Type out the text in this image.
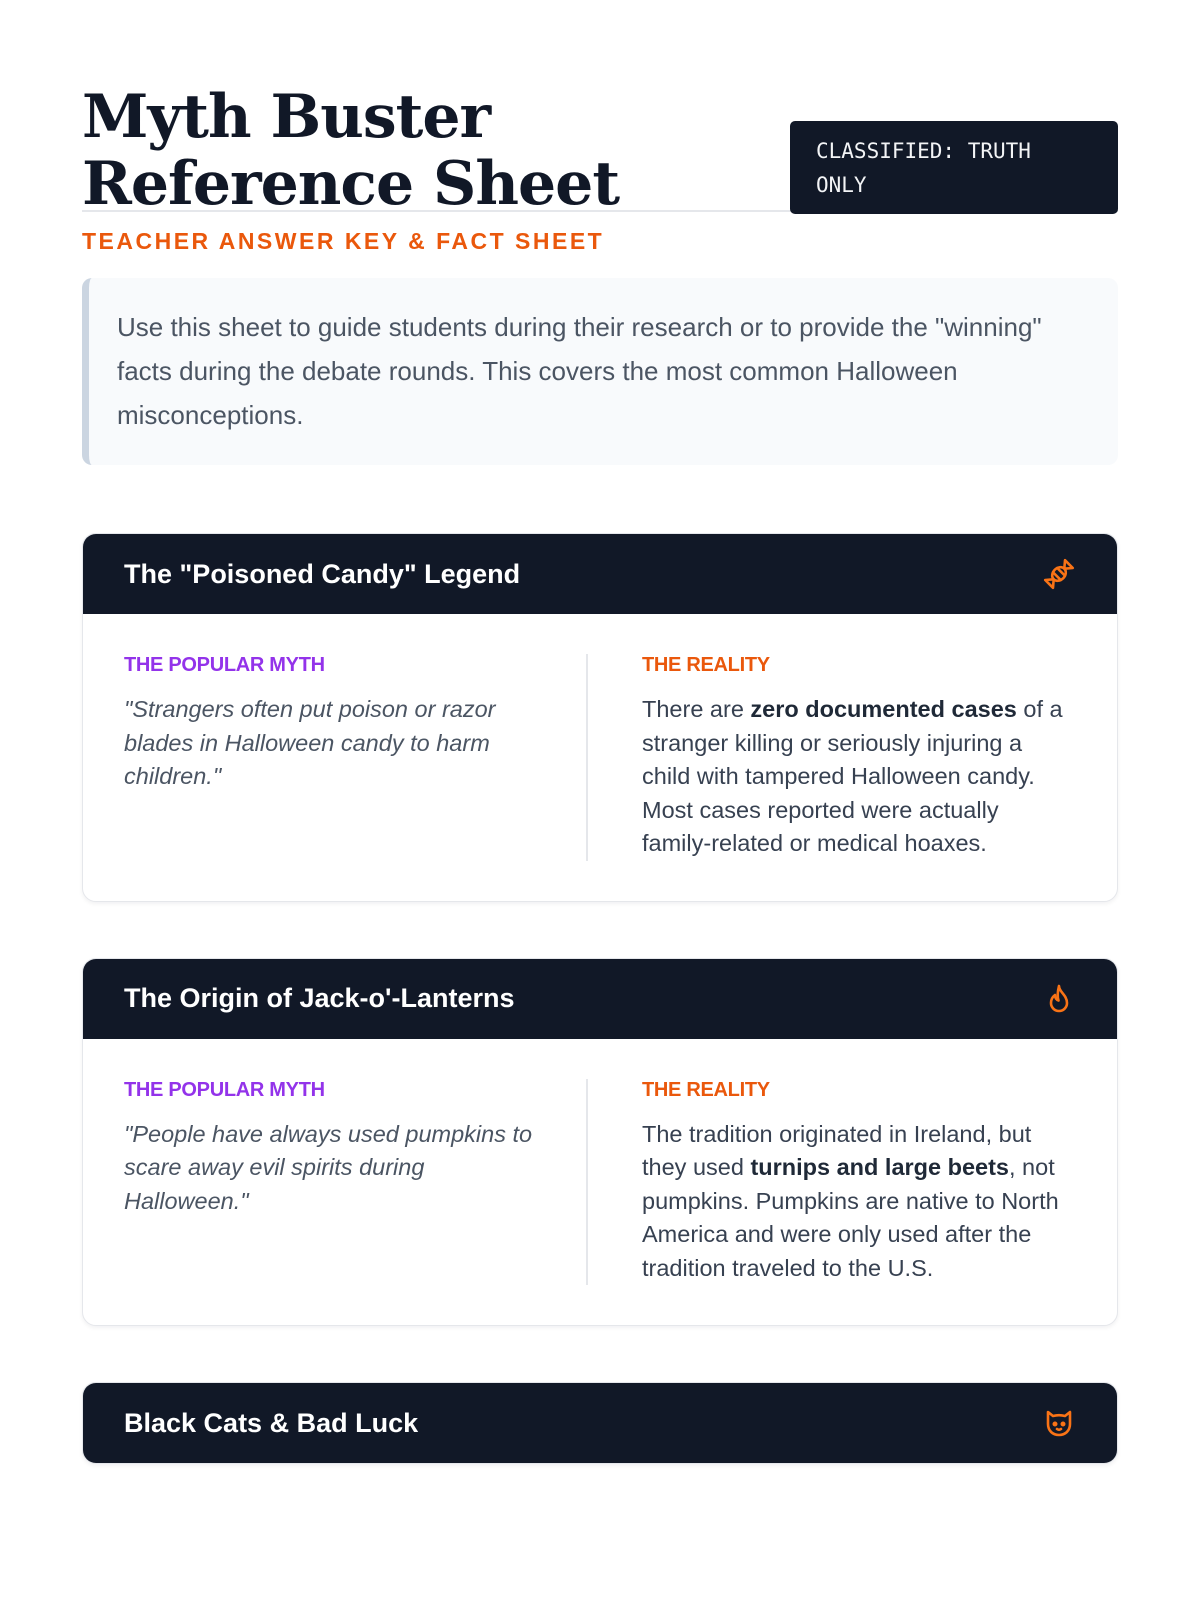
Myth Buster Reference Sheet
TEACHER ANSWER KEY & FACT SHEET
CLASSIFIED: TRUTH ONLY
Use this sheet to guide students during their research or to provide the "winning" facts during the debate rounds. This covers the most common Halloween misconceptions.
The "Poisoned Candy" Legend
THE POPULAR MYTH
"Strangers often put poison or razor blades in Halloween candy to harm children."
THE REALITY
There are zero documented cases of a stranger killing or seriously injuring a child with tampered Halloween candy. Most cases reported were actually family-related or medical hoaxes.
The Origin of Jack-o'-Lanterns
THE POPULAR MYTH
"People have always used pumpkins to scare away evil spirits during Halloween."
THE REALITY
The tradition originated in Ireland, but they used turnips and large beets, not pumpkins. Pumpkins are native to North America and were only used after the tradition traveled to the U.S.
Black Cats & Bad Luck
